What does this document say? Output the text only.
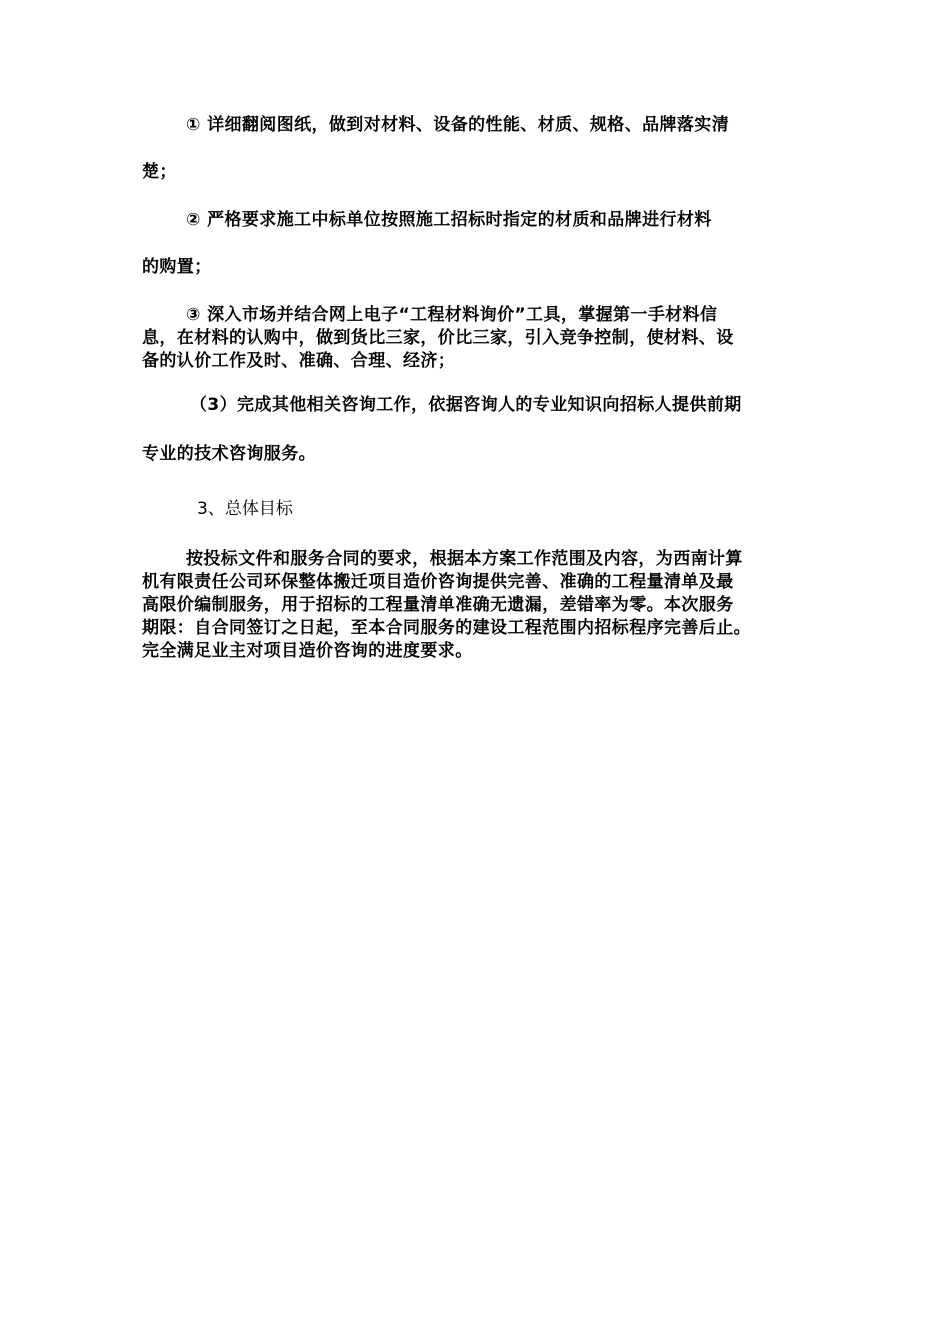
① 详细翻阅图纸，做到对材料、设备的性能、材质、规格、品牌落实清
楚；
② 严格要求施工中标单位按照施工招标时指定的材质和品牌进行材料
的购置；
③ 深入市场并结合网上电子“工程材料询价”工具，掌握第一手材料信
息，在材料的认购中，做到货比三家，价比三家，引入竞争控制，使材料、设
备的认价工作及时、准确、合理、经济；
（3）完成其他相关咨询工作，依据咨询人的专业知识向招标人提供前期
专业的技术咨询服务。
3、总体目标
按投标文件和服务合同的要求，根据本方案工作范围及内容，为西南计算
机有限责任公司环保整体搬迁项目造价咨询提供完善、准确的工程量清单及最
高限价编制服务，用于招标的工程量清单准确无遗漏，差错率为零。本次服务
期限：自合同签订之日起，至本合同服务的建设工程范围内招标程序完善后止。
完全满足业主对项目造价咨询的进度要求。
